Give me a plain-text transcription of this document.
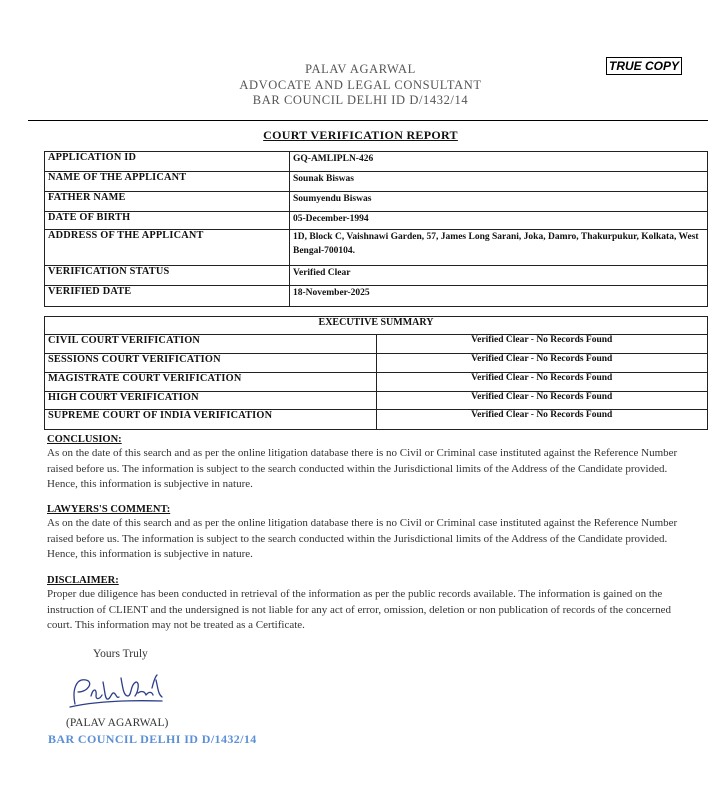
TRUE COPY
PALAV AGARWAL
ADVOCATE AND LEGAL CONSULTANT
BAR COUNCIL DELHI ID D/1432/14
COURT VERIFICATION REPORT
APPLICATION ID	GQ-AMLIPLN-426
NAME OF THE APPLICANT	Sounak Biswas
FATHER NAME	Soumyendu Biswas
DATE OF BIRTH	05-December-1994
ADDRESS OF THE APPLICANT	1D, Block C, Vaishnawi Garden, 57, James Long Sarani, Joka, Damro, Thakurpukur, Kolkata, West Bengal-700104.
VERIFICATION STATUS	Verified Clear
VERIFIED DATE	18-November-2025
EXECUTIVE SUMMARY	
CIVIL COURT VERIFICATION	Verified Clear - No Records Found
SESSIONS COURT VERIFICATION	Verified Clear - No Records Found
MAGISTRATE COURT VERIFICATION	Verified Clear - No Records Found
HIGH COURT VERIFICATION	Verified Clear - No Records Found
SUPREME COURT OF INDIA VERIFICATION	Verified Clear - No Records Found
CONCLUSION:
As on the date of this search and as per the online litigation database there is no Civil or Criminal case instituted against the Reference Number raised before us. The information is subject to the search conducted within the Jurisdictional limits of the Address of the Candidate provided. Hence, this information is subjective in nature.
LAWYERS'S COMMENT:
As on the date of this search and as per the online litigation database there is no Civil or Criminal case instituted against the Reference Number raised before us. The information is subject to the search conducted within the Jurisdictional limits of the Address of the Candidate provided. Hence, this information is subjective in nature.
DISCLAIMER:
Proper due diligence has been conducted in retrieval of the information as per the public records available. The information is gained on the instruction of CLIENT and the undersigned is not liable for any act of error, omission, deletion or non publication of records of the concerned court. This information may not be treated as a Certificate.
Yours Truly
(PALAV AGARWAL)
BAR COUNCIL DELHI ID D/1432/14
